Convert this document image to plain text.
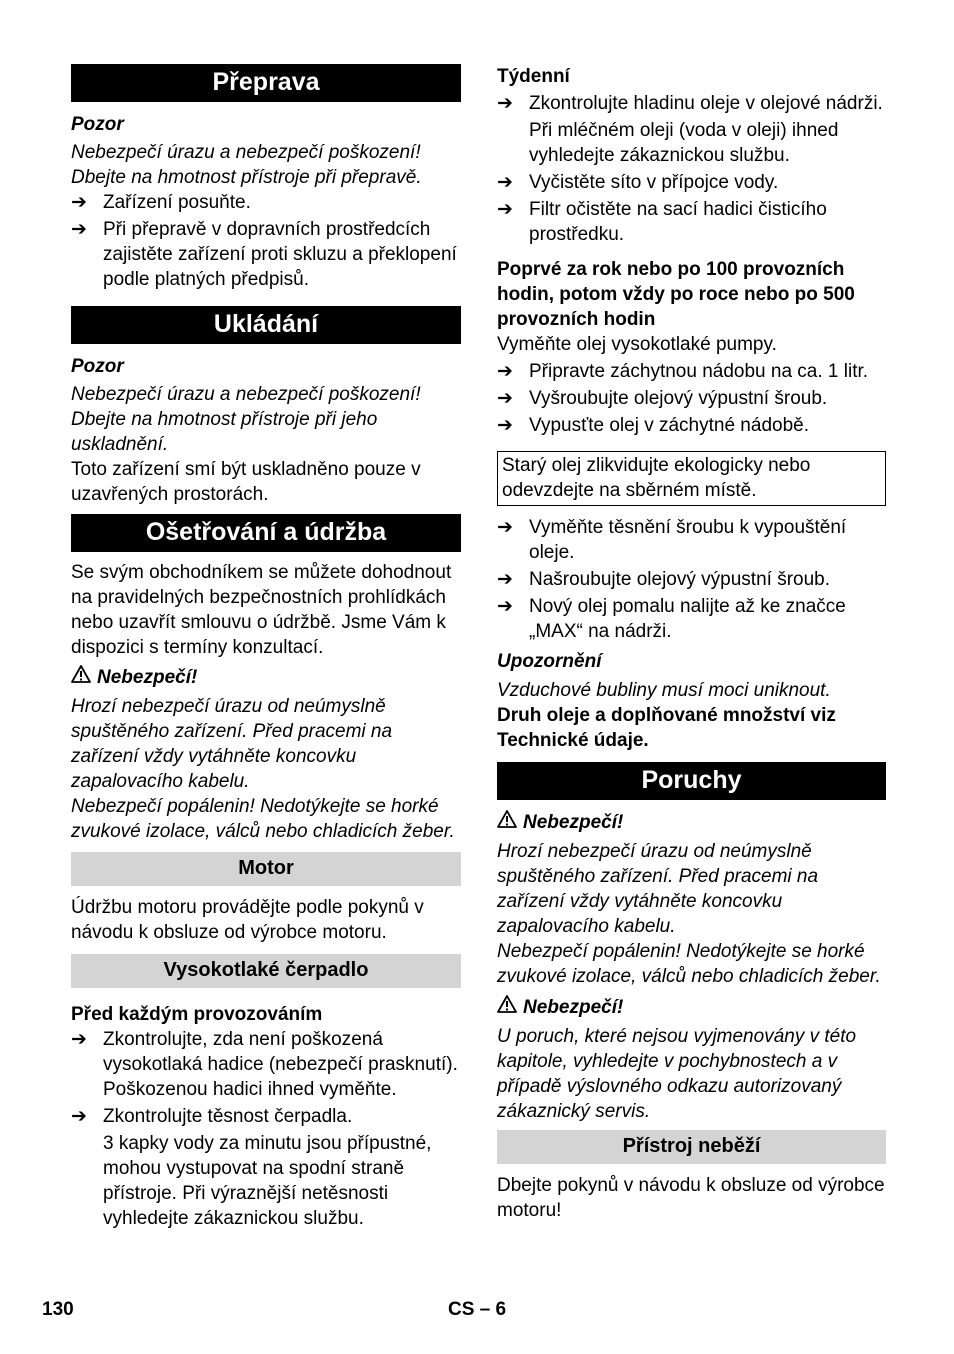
Přeprava

Pozor

Nebezpečí úrazu a nebezpečí poškození! Dbejte na hmotnost přístroje při přepravě.

➔ Zařízení posuňte.
➔ Při přepravě v dopravních prostředcích zajistěte zařízení proti skluzu a překlopení podle platných předpisů.
Ukládání

Pozor

Nebezpečí úrazu a nebezpečí poškození! Dbejte na hmotnost přístroje při jeho uskladnění.

Toto zařízení smí být uskladněno pouze v uzavřených prostorách.

Ošetřování a údržba

Se svým obchodníkem se můžete dohodnout na pravidelných bezpečnostních prohlídkách nebo uzavřít smlouvu o údržbě. Jsme Vám k dispozici s termíny konzultací.

Nebezpečí!

Hrozí nebezpečí úrazu od neúmyslně spuštěného zařízení. Před pracemi na zařízení vždy vytáhněte koncovku zapalovacího kabelu.

Nebezpečí popálenin! Nedotýkejte se horké zvukové izolace, válců nebo chladicích žeber.

Motor

Údržbu motoru provádějte podle pokynů v návodu k obsluze od výrobce motoru.

Vysokotlaké čerpadlo

Před každým provozováním

➔ Zkontrolujte, zda není poškozená vysokotlaká hadice (nebezpečí prasknutí). Poškozenou hadici ihned vyměňte.
➔ Zkontrolujte těsnost čerpadla.

3 kapky vody za minutu jsou přípustné, mohou vystupovat na spodní straně přístroje. Při výraznější netěsnosti vyhledejte zákaznickou službu.

Týdenní

➔ Zkontrolujte hladinu oleje v olejové nádrži.

Při mléčném oleji (voda v oleji) ihned vyhledejte zákaznickou službu.

➔ Vyčistěte síto v přípojce vody.
➔ Filtr očistěte na sací hadici čisticího prostředku.

Poprvé za rok nebo po 100 provozních hodin, potom vždy po roce nebo po 500 provozních hodin

Vyměňte olej vysokotlaké pumpy.

➔ Připravte záchytnou nádobu na ca. 1 litr.
➔ Vyšroubujte olejový výpustní šroub.
➔ Vypusťte olej v záchytné nádobě.
Starý olej zlikvidujte ekologicky nebo odevzdejte na sběrném místě.
➔ Vyměňte těsnění šroubu k vypouštění oleje.
➔ Našroubujte olejový výpustní šroub.
➔ Nový olej pomalu nalijte až ke značce „MAX“ na nádrži.

Upozornění

Vzduchové bubliny musí moci uniknout.

Druh oleje a doplňované množství viz Technické údaje.

Poruchy

Nebezpečí!

Hrozí nebezpečí úrazu od neúmyslně spuštěného zařízení. Před pracemi na zařízení vždy vytáhněte koncovku zapalovacího kabelu.

Nebezpečí popálenin! Nedotýkejte se horké zvukové izolace, válců nebo chladicích žeber.

Nebezpečí!

U poruch, které nejsou vyjmenovány v této kapitole, vyhledejte v pochybnostech a v případě výslovného odkazu autorizovaný zákaznický servis.

Přístroj neběží

Dbejte pokynů v návodu k obsluze od výrobce motoru!

130	CS – 6
